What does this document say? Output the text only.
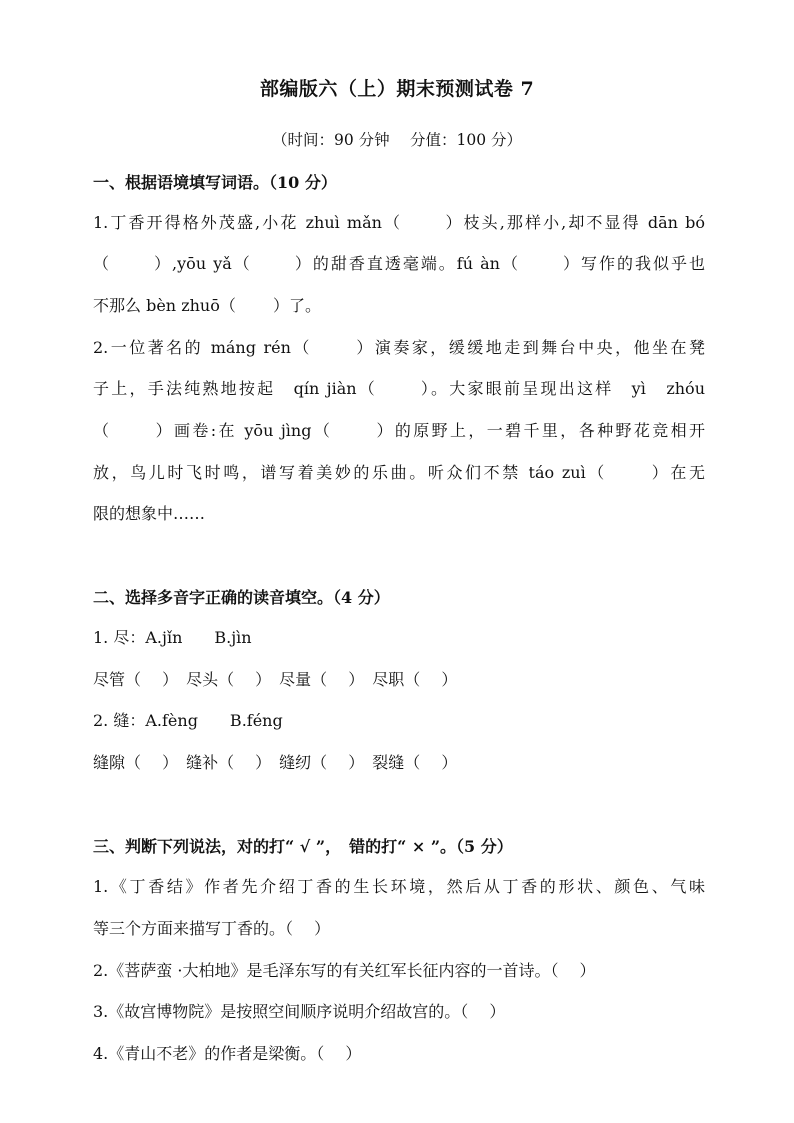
部编版六（上）期末预测试卷 7
（时间：90 分钟　 分值：100 分）
一、根据语境填写词语。（10 分）
1.丁香开得格外茂盛,小花 zhuì mǎn（　　 ）枝头,那样小,却不显得 dān bó
（　　 ）,yōu yǎ（　　 ）的甜香直透毫端。fú àn（　　 ）写作的我似乎也
不那么 bèn zhuō（　　 ）了。
2.一位著名的 máng rén（　　 ）演奏家，缓缓地走到舞台中央，他坐在凳
子上，手法纯熟地按起　qín jiàn（　　 ）。大家眼前呈现出这样　yì　zhóu
（　　 ）画卷:在 yōu jìng（　　 ）的原野上，一碧千里，各种野花竞相开
放，鸟儿时飞时鸣，谱写着美妙的乐曲。听众们不禁 táo zuì（　　 ）在无
限的想象中……
二、选择多音字正确的读音填空。（4 分）
1. 尽：A.jǐn　　B.jìn
尽管（　 ）　尽头（　 ）　尽量（　 ）　尽职（　 ）
2. 缝：A.fèng　　B.féng
缝隙（　 ）　缝补（　 ）　缝纫（　 ）　裂缝（　 ）
三、判断下列说法，对的打“ √ ”，　错的打“ × ”。（5 分）
1.《丁香结》作者先介绍丁香的生长环境，然后从丁香的形状、颜色、气味
等三个方面来描写丁香的。（　 ）
2.《菩萨蛮 ·大柏地》是毛泽东写的有关红军长征内容的一首诗。（　 ）
3.《故宫博物院》是按照空间顺序说明介绍故宫的。（　 ）
4.《青山不老》的作者是梁衡。（　 ）
